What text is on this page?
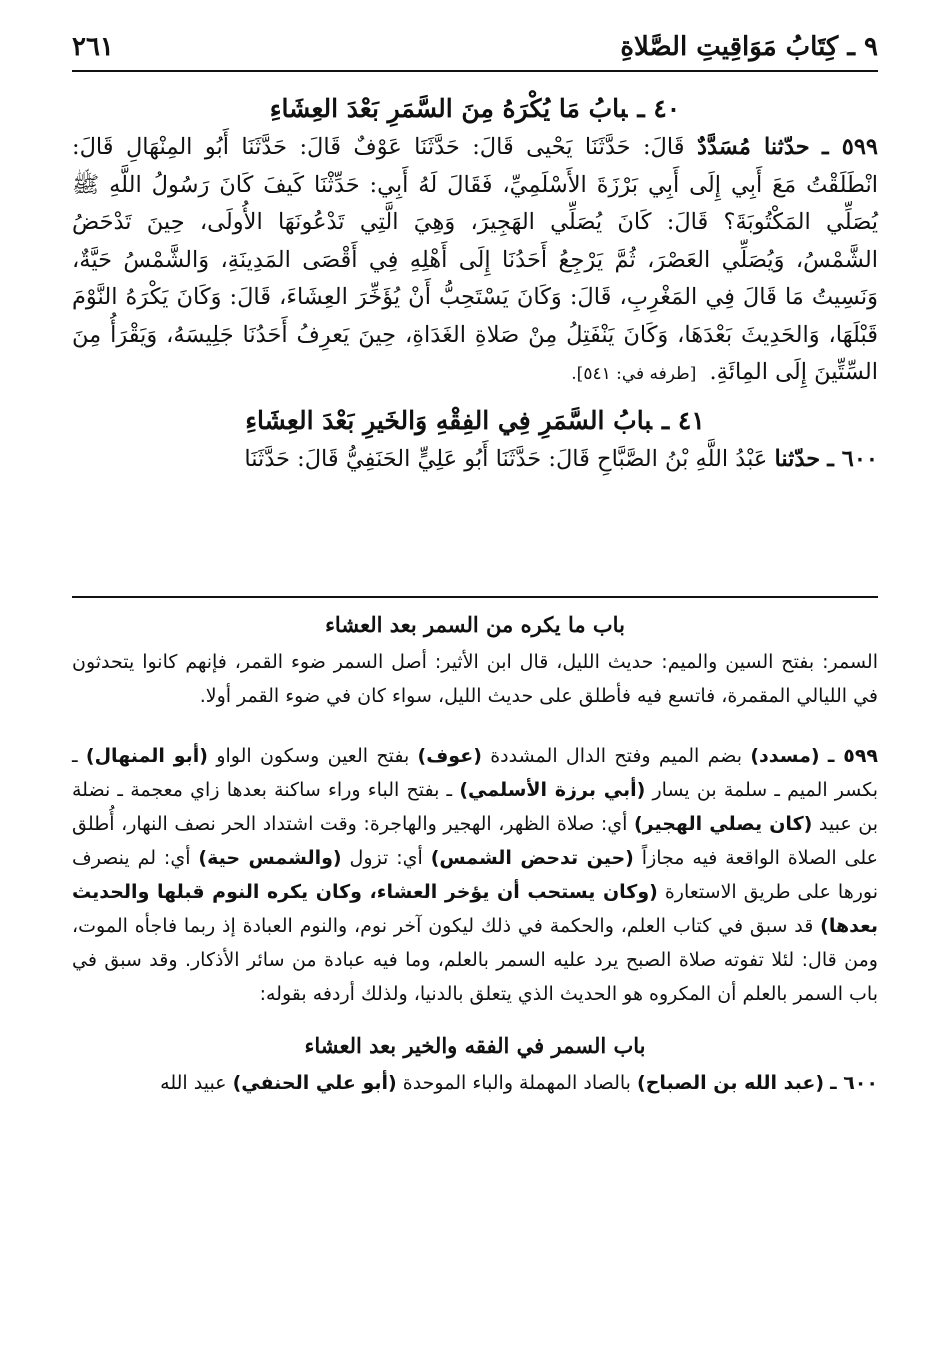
٩ ـ كِتَابُ مَوَاقِيتِ الصَّلاةِ
٢٦١
٤٠ ـبابُ مَا يُكْرَهُ مِنَ السَّمَرِ بَعْدَ العِشَاءِ

٥٩٩ ـ حدّثنا مُسَدَّدٌ قَالَ: حَدَّثَنَا يَحْيى قَالَ: حَدَّثَنَا عَوْفٌ قَالَ: حَدَّثَنَا أَبُو المِنْهَالِ قَالَ: انْطَلَقْتُ مَعَ أَبِي إِلَى أَبِي بَرْزَةَ الأَسْلَمِيِّ، فَقَالَ لَهُ أَبِي: حَدِّثْنَا كَيفَ كَانَ رَسُولُ اللَّهِ ﷺ يُصَلِّي المَكْتُوبَةَ؟ قَالَ: كَانَ يُصَلِّي الهَجِيرَ، وَهِيَ الَّتِي تَدْعُونَهَا الأُولَى، حِينَ تَدْحَضُ الشَّمْسُ، وَيُصَلِّي العَصْرَ، ثُمَّ يَرْجِعُ أَحَدُنَا إِلَى أَهْلِهِ فِي أَقْصَى المَدِينَةِ، وَالشَّمْسُ حَيَّةٌ، وَنَسِيتُ مَا قَالَ فِي المَغْرِبِ، قَالَ: وَكَانَ يَسْتَحِبُّ أَنْ يُؤَخِّرَ العِشَاءَ، قَالَ: وَكَانَ يَكْرَهُ النَّوْمَ قَبْلَهَا، وَالحَدِيثَ بَعْدَهَا، وَكَانَ يَنْفَتِلُ مِنْ صَلاةِ الغَدَاةِ، حِينَ يَعرِفُ أَحَدُنَا جَلِيسَهُ، وَيَقْرَأُ مِنَ السِّتِّينَ إِلَى المِائَةِ. [طرفه في: ٥٤١].

٤١ ـبابُ السَّمَرِ فِي الفِقْهِ وَالخَيرِ بَعْدَ العِشَاءِ

٦٠٠ ـ حدّثنا عَبْدُ اللَّهِ بْنُ الصَّبَّاحِ قَالَ: حَدَّثَنَا أَبُو عَلِيٍّ الحَنَفِيُّ قَالَ: حَدَّثَنَا

باب ما يكره من السمر بعد العشاء

السمر: بفتح السين والميم: حديث الليل، قال ابن الأثير: أصل السمر ضوء القمر، فإنهم كانوا يتحدثون في الليالي المقمرة، فاتسع فيه فأطلق على حديث الليل، سواء كان في ضوء القمر أولا.

٥٩٩ ـ (مسدد) بضم الميم وفتح الدال المشددة (عوف) بفتح العين وسكون الواو (أبو المنهال) ـ بكسر الميم ـ سلمة بن يسار (أبي برزة الأسلمي) ـ بفتح الباء وراء ساكنة بعدها زاي معجمة ـ نضلة بن عبيد (كان يصلي الهجير) أي: صلاة الظهر، الهجير والهاجرة: وقت اشتداد الحر نصف النهار، أُطلق على الصلاة الواقعة فيه مجازاً (حين تدحض الشمس) أي: تزول (والشمس حية) أي: لم ينصرف نورها على طريق الاستعارة (وكان يستحب أن يؤخر العشاء، وكان يكره النوم قبلها والحديث بعدها) قد سبق في كتاب العلم، والحكمة في ذلك ليكون آخر نوم، والنوم العبادة إذ ربما فاجأه الموت، ومن قال: لئلا تفوته صلاة الصبح يرد عليه السمر بالعلم، وما فيه عبادة من سائر الأذكار. وقد سبق في باب السمر بالعلم أن المكروه هو الحديث الذي يتعلق بالدنيا، ولذلك أردفه بقوله:

باب السمر في الفقه والخير بعد العشاء

٦٠٠ ـ (عبد الله بن الصباح) بالصاد المهملة والباء الموحدة (أبو علي الحنفي) عبيد الله
